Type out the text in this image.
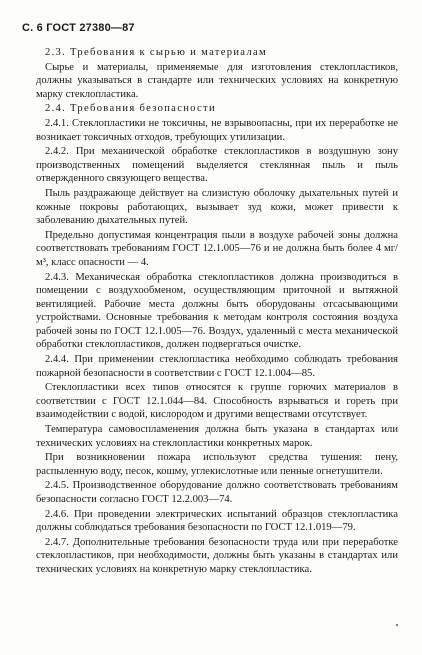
С. 6 ГОСТ 27380—87

2.3. Требования к сырью и материалам

Сырье и материалы, применяемые для изготовления стеклопластиков, должны указываться в стандарте или технических условиях на конкретную марку стеклопластика.

2.4. Требования безопасности

2.4.1. Стеклопластики не токсичны, не взрывоопасны, при их переработке не возникает токсичных отходов, требующих утилизации.

2.4.2. При механической обработке стеклопластиков в воздушную зону производственных помещений выделяется стеклянная пыль и пыль отвержденного связующего вещества.

Пыль раздражающе действует на слизистую оболочку дыхательных путей и кожные покровы работающих, вызывает зуд кожи, может привести к заболеванию дыхательных путей.

Предельно допустимая концентрация пыли в воздухе рабочей зоны должна соответствовать требованиям ГОСТ 12.1.005—76 и не должна быть более 4 мг/м³, класс опасности — 4.

2.4.3. Механическая обработка стеклопластиков должна производиться в помещении с воздухообменом, осуществляющим приточной и вытяжной вентиляцией. Рабочие места должны быть оборудованы отсасывающими устройствами. Основные требования к методам контроля состояния воздуха рабочей зоны по ГОСТ 12.1.005—76. Воздух, удаленный с места механической обработки стеклопластиков, должен подвергаться очистке.

2.4.4. При применении стеклопластика необходимо соблюдать требования пожарной безопасности в соответствии с ГОСТ 12.1.004—85.

Стеклопластики всех типов относятся к группе горючих материалов в соответствии с ГОСТ 12.1.044—84. Способность взрываться и гореть при взаимодействии с водой, кислородом и другими веществами отсутствует.

Температура самовоспламенения должна быть указана в стандартах или технических условиях на стеклопластики конкретных марок.

При возникновении пожара используют средства тушения: пену, распыленную воду, песок, кошму, углекислотные или пенные огнетушители.

2.4.5. Производственное оборудование должно соответствовать требованиям безопасности согласно ГОСТ 12.2.003—74.

2.4.6. При проведении электрических испытаний образцов стеклопластика должны соблюдаться требования безопасности по ГОСТ 12.1.019—79.

2.4.7. Дополнительные требования безопасности труда или при переработке стеклопластиков, при необходимости, должны быть указаны в стандартах или технических условиях на конкретную марку стеклопластика.
